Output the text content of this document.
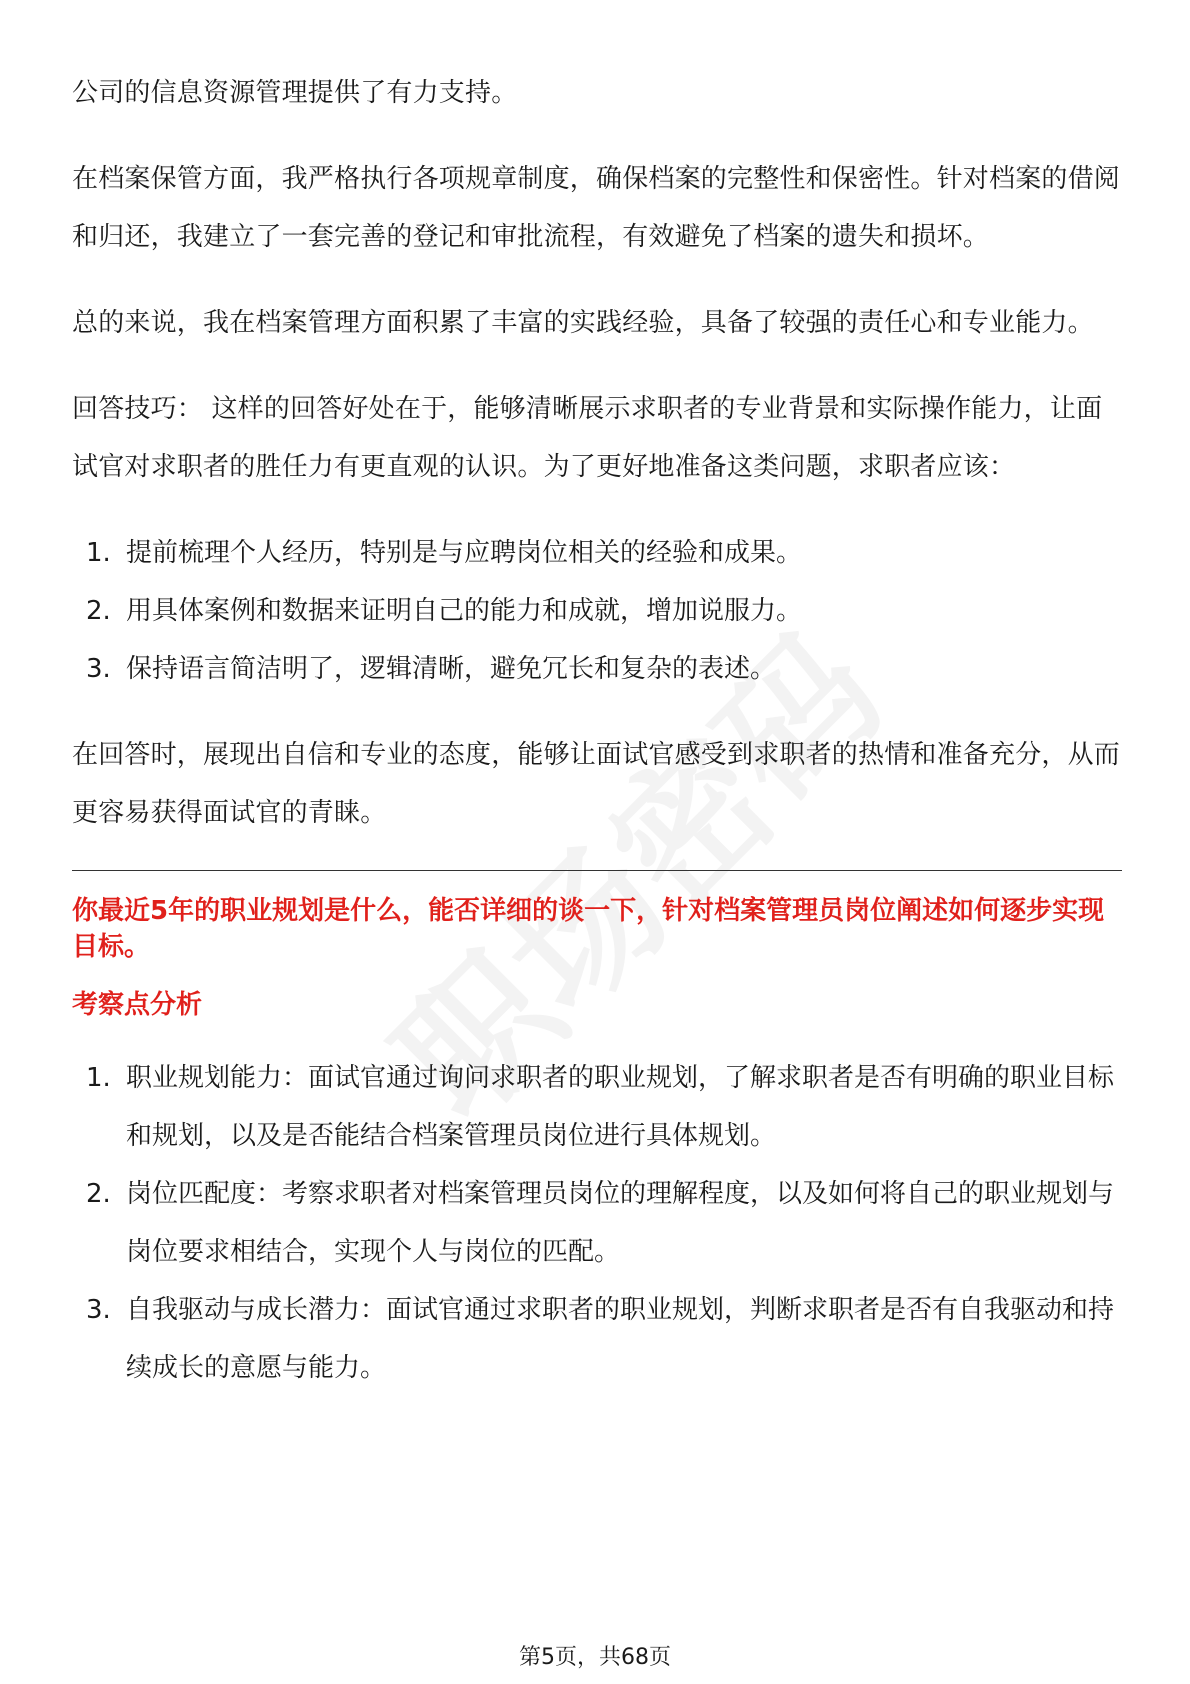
公司的信息资源管理提供了有力支持。

在档案保管方面，我严格执行各项规章制度，确保档案的完整性和保密性。针对档案的借阅和归还，我建立了一套完善的登记和审批流程，有效避免了档案的遗失和损坏。

总的来说，我在档案管理方面积累了丰富的实践经验，具备了较强的责任心和专业能力。

回答技巧： 这样的回答好处在于，能够清晰展示求职者的专业背景和实际操作能力，让面试官对求职者的胜任力有更直观的认识。为了更好地准备这类问题，求职者应该：

1. 提前梳理个人经历，特别是与应聘岗位相关的经验和成果。
2. 用具体案例和数据来证明自己的能力和成就，增加说服力。
3. 保持语言简洁明了，逻辑清晰，避免冗长和复杂的表述。

在回答时，展现出自信和专业的态度，能够让面试官感受到求职者的热情和准备充分，从而更容易获得面试官的青睐。

你最近5年的职业规划是什么，能否详细的谈一下，针对档案管理员岗位阐述如何逐步实现目标。
考察点分析
1. 职业规划能力：面试官通过询问求职者的职业规划，了解求职者是否有明确的职业目标和规划，以及是否能结合档案管理员岗位进行具体规划。
2. 岗位匹配度：考察求职者对档案管理员岗位的理解程度，以及如何将自己的职业规划与岗位要求相结合，实现个人与岗位的匹配。
3. 自我驱动与成长潜力：面试官通过求职者的职业规划，判断求职者是否有自我驱动和持续成长的意愿与能力。
第5页，共68页
